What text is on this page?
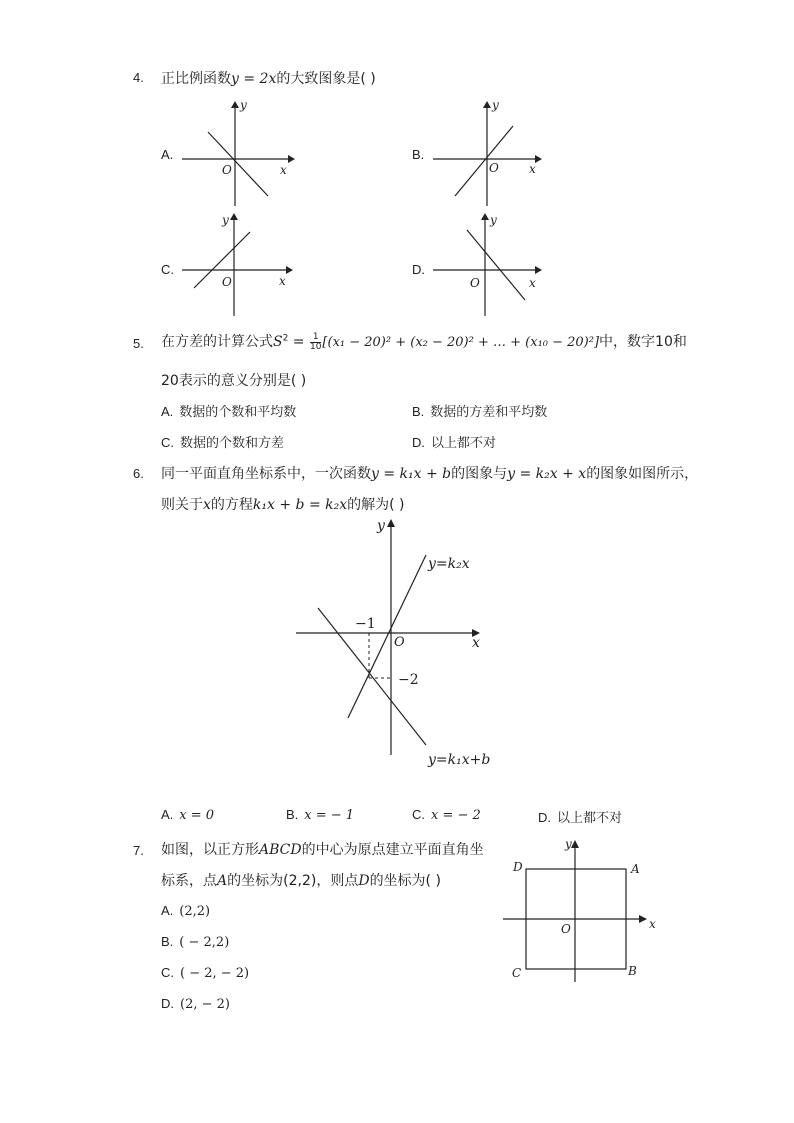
4. 正比例函数y = 2x的大致图象是( )
A.
x
y
O
B.
x
y
O
C.
x
y
O
D.
x
y
O
5. 在方差的计算公式$S^2 = \frac{1}{10} [(x_1 - 20)^2 + (x_2 - 20)^2$ + … + (x₁₀ − 20)²]中，数字10和
20表示的意义分别是( )
A. 数据的个数和平均数	B. 数据的方差和平均数
C. 数据的个数和方差	D. 以上都不对
6. 同一平面直角坐标系中，一次函数y = k₁x + b的图象与y = k₂x + x的图象如图所示，
则关于x的方程k₁x + b = k₂x的解为( )
x
y
O
−1
−2
y=k₂x
y=k₁x+b
A. x = 0	B. x = − 1	C. x = − 2	D. 以上都不对
7. 如图，以正方形ABCD的中心为原点建立平面直角坐
标系，点A的坐标为(2,2)，则点D的坐标为( )
A. (2,2)
B. ( − 2,2)
C. ( − 2, − 2)
D. (2, − 2)
x
y
O
A
B
C
D
